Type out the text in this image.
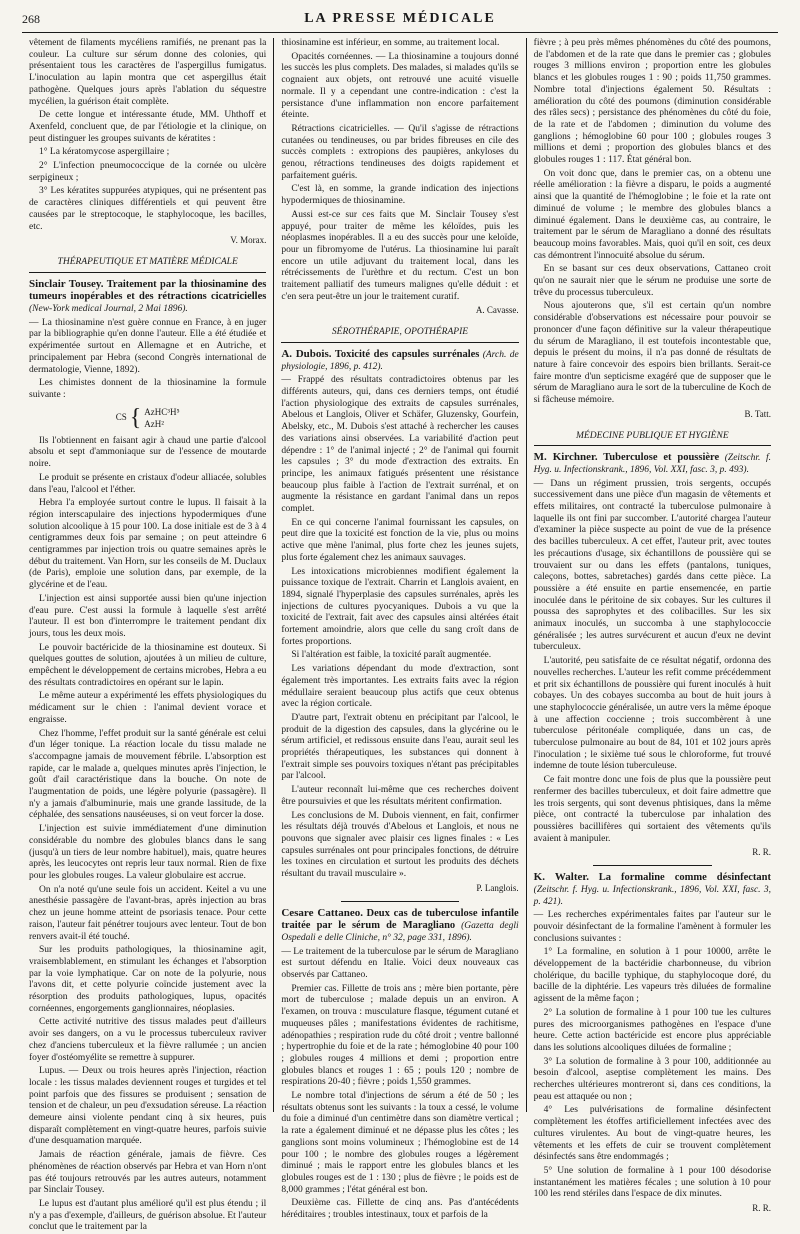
268	LA PRESSE MÉDICALE

vêtement de filaments mycéliens ramifiés, ne prenant pas la couleur. La culture sur sérum donne des colonies, qui présentaient tous les caractères de l'aspergillus fumigatus. L'inoculation au lapin montra que cet aspergillus était pathogène. Quelques jours après l'ablation du séquestre mycélien, la guérison était complète.

De cette longue et intéressante étude, MM. Uhthoff et Axenfeld, concluent que, de par l'étiologie et la clinique, on peut distinguer les groupes suivants de kératites :

1° La kératomycose aspergillaire ;

2° L'infection pneumococcique de la cornée ou ulcère serpigineux ;

3° Les kératites suppurées atypiques, qui ne présentent pas de caractères cliniques différentiels et qui peuvent être causées par le streptocoque, le staphylocoque, les bacilles, etc.

V. Morax.

THÉRAPEUTIQUE ET MATIÈRE MÉDICALE

Sinclair Tousey. Traitement par la thiosinamine des tumeurs inopérables et des rétractions cicatricielles (New-York medical Journal, 2 Mai 1896).

— La thiosinamine n'est guère connue en France, à en juger par la bibliographie qu'en donne l'auteur. Elle a été étudiée et expérimentée surtout en Allemagne et en Autriche, et principalement par Hebra (second Congrès international de dermatologie, Vienne, 1892).

Les chimistes donnent de la thiosinamine la formule suivante :

CS { AzHC³H⁵
AzH²

Ils l'obtiennent en faisant agir à chaud une partie d'alcool absolu et sept d'ammoniaque sur de l'essence de moutarde noire.

Le produit se présente en cristaux d'odeur alliacée, solubles dans l'eau, l'alcool et l'éther.

Hebra l'a employée surtout contre le lupus. Il faisait à la région interscapulaire des injections hypodermiques d'une solution alcoolique à 15 pour 100. La dose initiale est de 3 à 4 centigrammes deux fois par semaine ; on peut atteindre 6 centigrammes par injection trois ou quatre semaines après le début du traitement. Van Horn, sur les conseils de M. Duclaux (de Paris), emploie une solution dans, par exemple, de la glycérine et de l'eau.

L'injection est ainsi supportée aussi bien qu'une injection d'eau pure. C'est aussi la formule à laquelle s'est arrêté l'auteur. Il est bon d'interrompre le traitement pendant dix jours, tous les deux mois.

Le pouvoir bactéricide de la thiosinamine est douteux. Si quelques gouttes de solution, ajoutées à un milieu de culture, empêchent le développement de certains microbes, Hebra a eu des résultats contradictoires en opérant sur le lapin.

Le même auteur a expérimenté les effets physiologiques du médicament sur le chien : l'animal devient vorace et engraisse.

Chez l'homme, l'effet produit sur la santé générale est celui d'un léger tonique. La réaction locale du tissu malade ne s'accompagne jamais de mouvement fébrile. L'absorption est rapide, car le malade a, quelques minutes après l'injection, le goût d'ail caractéristique dans la bouche. On note de l'augmentation de poids, une légère polyurie (passagère). Il n'y a jamais d'albuminurie, mais une grande lassitude, de la céphalée, des sensations nauséeuses, si on veut forcer la dose.

L'injection est suivie immédiatement d'une diminution considérable du nombre des globules blancs dans le sang (jusqu'à un tiers de leur nombre habituel), mais, quatre heures après, les leucocytes ont repris leur taux normal. Rien de fixe pour les globules rouges. La valeur globulaire est accrue.

On n'a noté qu'une seule fois un accident. Keitel a vu une anesthésie passagère de l'avant-bras, après injection au bras chez un jeune homme atteint de psoriasis tenace. Pour cette raison, l'auteur fait pénétrer toujours avec lenteur. Tout de bon renvers avait-il été touché.

Sur les produits pathologiques, la thiosinamine agit, vraisemblablement, en stimulant les échanges et l'absorption par la voie lymphatique. Car on note de la polyurie, nous l'avons dit, et cette polyurie coïncide justement avec la résorption des produits pathologiques, lupus, opacités cornéennes, engorgements ganglionnaires, néoplasies.

Cette activité nutritive des tissus malades peut d'ailleurs avoir ses dangers, on a vu le processus tuberculeux raviver chez d'anciens tuberculeux et la fièvre rallumée ; un ancien foyer d'ostéomyélite se remettre à suppurer.

Lupus. — Deux ou trois heures après l'injection, réaction locale : les tissus malades deviennent rouges et turgides et tel point parfois que des fissures se produisent ; sensation de tension et de chaleur, un peu d'exsudation séreuse. La réaction demeure ainsi violente pendant cinq à six heures, puis disparaît complètement en vingt-quatre heures, parfois suivie d'une desquamation marquée.

Jamais de réaction générale, jamais de fièvre. Ces phénomènes de réaction observés par Hebra et van Horn n'ont pas été toujours retrouvés par les autres auteurs, notamment par Sinclair Tousey.

Le lupus est d'autant plus amélioré qu'il est plus étendu ; il n'y a pas d'exemple, d'ailleurs, de guérison absolue. Et l'auteur conclut que le traitement par la

thiosinamine est inférieur, en somme, au traitement local.

Opacités cornéennes. — La thiosinamine a toujours donné les succès les plus complets. Des malades, si malades qu'ils se cognaient aux objets, ont retrouvé une acuité visuelle normale. Il y a cependant une contre-indication : c'est la persistance d'une inflammation non encore parfaitement éteinte.

Rétractions cicatricielles. — Qu'il s'agisse de rétractions cutanées ou tendineuses, ou par brides fibreuses en cile des succès complets : extropions des paupières, ankyloses du genou, rétractions tendineuses des doigts rapidement et parfaitement guéris.

C'est là, en somme, la grande indication des injections hypodermiques de thiosinamine.

Aussi est-ce sur ces faits que M. Sinclair Tousey s'est appuyé, pour traiter de même les kéloïdes, puis les néoplasmes inopérables. Il a eu des succès pour une keloïde, pour un fibromyome de l'utérus. La thiosinamine lui paraît encore un utile adjuvant du traitement local, dans les rétrécissements de l'urèthre et du rectum. C'est un bon traitement palliatif des tumeurs malignes qu'elle déduit : et c'en sera peut-être un jour le traitement curatif.

A. Cavasse.

SÉROTHÉRAPIE, OPOTHÉRAPIE

A. Dubois. Toxicité des capsules surrénales (Arch. de physiologie, 1896, p. 412).

— Frappé des résultats contradictoires obtenus par les différents auteurs, qui, dans ces derniers temps, ont étudié l'action physiologique des extraits de capsules surrénales, Abelous et Langlois, Oliver et Schäfer, Gluzensky, Gourfein, Abelsky, etc., M. Dubois s'est attaché à rechercher les causes des variations ainsi observées. La variabilité d'action peut dépendre : 1° de l'animal injecté ; 2° de l'animal qui fournit les capsules ; 3° du mode d'extraction des extraits. En principe, les animaux fatigués présentent une résistance beaucoup plus faible à l'action de l'extrait surrénal, et on augmente la résistance en gardant l'animal dans un repos complet.

En ce qui concerne l'animal fournissant les capsules, on peut dire que la toxicité est fonction de la vie, plus ou moins active que mène l'animal, plus forte chez les jeunes sujets, plus forte également chez les animaux sauvages.

Les intoxications microbiennes modifient également la puissance toxique de l'extrait. Charrin et Langlois avaient, en 1894, signalé l'hyperplasie des capsules surrénales, après les injections de cultures pyocyaniques. Dubois a vu que la toxicité de l'extrait, fait avec des capsules ainsi altérées était fortement amoindrie, alors que celle du sang croît dans de fortes proportions.

Si l'altération est faible, la toxicité paraît augmentée.

Les variations dépendant du mode d'extraction, sont également très importantes. Les extraits faits avec la région médullaire seraient beaucoup plus actifs que ceux obtenus avec la région corticale.

D'autre part, l'extrait obtenu en précipitant par l'alcool, le produit de la digestion des capsules, dans la glycérine ou le sérum artificiel, et redissous ensuite dans l'eau, aurait seul les propriétés thérapeutiques, les substances qui donnent à l'extrait simple ses pouvoirs toxiques n'étant pas précipitables par l'alcool.

L'auteur reconnaît lui-même que ces recherches doivent être poursuivies et que les résultats méritent confirmation.

Les conclusions de M. Dubois viennent, en fait, confirmer les résultats déjà trouvés d'Abelous et Langlois, et nous ne pouvons que signaler avec plaisir ces lignes finales : « Les capsules surrénales ont pour principales fonctions, de détruire les toxines en circulation et surtout les produits des déchets résultant du travail musculaire ».

P. Langlois.

Cesare Cattaneo. Deux cas de tuberculose infantile traitée par le sérum de Maragliano (Gazetta degli Ospedali e delle Cliniche, n° 32, page 331, 1896).

— Le traitement de la tuberculose par le sérum de Maragliano est surtout défendu en Italie. Voici deux nouveaux cas observés par Cattaneo.

Premier cas. Fillette de trois ans ; mère bien portante, père mort de tuberculose ; malade depuis un an environ. A l'examen, on trouva : musculature flasque, tégument cutané et muqueuses pâles ; manifestations évidentes de rachitisme, adénopathies ; respiration rude du côté droit ; ventre ballonné ; hypertrophie du foie et de la rate ; hémoglobine 40 pour 100 ; globules rouges 4 millions et demi ; proportion entre globules blancs et rouges 1 : 65 ; pouls 120 ; nombre de respirations 20-40 ; fièvre ; poids 1,550 grammes.

Le nombre total d'injections de sérum a été de 50 ; les résultats obtenus sont les suivants : la toux a cessé, le volume du foie a diminué d'un centimètre dans son diamètre vertical ; la rate a également diminué et ne dépasse plus les côtes ; les ganglions sont moins volumineux ; l'hémoglobine est de 14 pour 100 ; le nombre des globules rouges a légèrement diminué ; mais le rapport entre les globules blancs et les globules rouges est de 1 : 130 ; plus de fièvre ; le poids est de 8,000 grammes ; l'état général est bon.

Deuxième cas. Fillette de cinq ans. Pas d'antécédents héréditaires ; troubles intestinaux, toux et parfois de la

fièvre ; à peu près mêmes phénomènes du côté des poumons, de l'abdomen et de la rate que dans le premier cas ; globules rouges 3 millions environ ; proportion entre les globules blancs et les globules rouges 1 : 90 ; poids 11,750 grammes. Nombre total d'injections également 50. Résultats : amélioration du côté des poumons (diminution considérable des râles secs) ; persistance des phénomènes du côté du foie, de la rate et de l'abdomen ; diminution du volume des ganglions ; hémoglobine 60 pour 100 ; globules rouges 3 millions et demi ; proportion des globules blancs et des globules rouges 1 : 117. État général bon.

On voit donc que, dans le premier cas, on a obtenu une réelle amélioration : la fièvre a disparu, le poids a augmenté ainsi que la quantité de l'hémoglobine ; le foie et la rate ont diminué de volume ; le membre des globules blancs a diminué également. Dans le deuxième cas, au contraire, le traitement par le sérum de Maragliano a donné des résultats beaucoup moins favorables. Mais, quoi qu'il en soit, ces deux cas démontrent l'innocuité absolue du sérum.

En se basant sur ces deux observations, Cattaneo croit qu'on ne saurait nier que le sérum ne produise une sorte de trêve du processus tuberculeux.

Nous ajouterons que, s'il est certain qu'un nombre considérable d'observations est nécessaire pour pouvoir se prononcer d'une façon définitive sur la valeur thérapeutique du sérum de Maragliano, il est toutefois incontestable que, depuis le présent du moins, il n'a pas donné de résultats de nature à faire concevoir des espoirs bien brillants. Serait-ce faire montre d'un septicisme exagéré que de supposer que le sérum de Maragliano aura le sort de la tuberculine de Koch de si fâcheuse mémoire.

B. Tatt.

MÉDECINE PUBLIQUE ET HYGIÈNE

M. Kirchner. Tuberculose et poussière (Zeitschr. f. Hyg. u. Infectionskrank., 1896, Vol. XXI, fasc. 3, p. 493).

— Dans un régiment prussien, trois sergents, occupés successivement dans une pièce d'un magasin de vêtements et effets militaires, ont contracté la tuberculose pulmonaire à laquelle ils ont fini par succomber. L'autorité chargea l'auteur d'examiner la pièce suspecte au point de vue de la présence des bacilles tuberculeux. A cet effet, l'auteur prit, avec toutes les précautions d'usage, six échantillons de poussière qui se trouvaient sur ou dans les effets (pantalons, tuniques, caleçons, bottes, sabretaches) gardés dans cette pièce. La poussière a été ensuite en partie ensemencée, en partie inoculée dans le péritoine de six cobayes. Sur les cultures il poussa des saprophytes et des colibacilles. Sur les six animaux inoculés, un succomba à une staphylococcie généralisée ; les autres survécurent et aucun d'eux ne devint tuberculeux.

L'autorité, peu satisfaite de ce résultat négatif, ordonna des nouvelles recherches. L'auteur les refit comme précédemment et prit six échantillons de poussière qui furent inoculés à huit cobayes. Un des cobayes succomba au bout de huit jours à une staphylococcie généralisée, un autre vers la même époque à une affection coccienne ; trois succombèrent à une tuberculose péritonéale compliquée, dans un cas, de tuberculose pulmonaire au bout de 84, 101 et 102 jours après l'inoculation ; le sixième tué sous le chloroforme, fut trouvé indemne de toute lésion tuberculeuse.

Ce fait montre donc une fois de plus que la poussière peut renfermer des bacilles tuberculeux, et doit faire admettre que les trois sergents, qui sont devenus phtisiques, dans la même pièce, ont contracté la tuberculose par inhalation des poussières bacillifères qui sortaient des vêtements qu'ils avaient à manipuler.

R. R.

K. Walter. La formaline comme désinfectant (Zeitschr. f. Hyg. u. Infectionskrank., 1896, Vol. XXI, fasc. 3, p. 421).

— Les recherches expérimentales faites par l'auteur sur le pouvoir désinfectant de la formaline l'amènent à formuler les conclusions suivantes :

1° La formaline, en solution à 1 pour 10000, arrête le développement de la bactéridie charbonneuse, du vibrion cholérique, du bacille typhique, du staphylocoque doré, du bacille de la diphtérie. Les vapeurs très diluées de formaline agissent de la même façon ;

2° La solution de formaline à 1 pour 100 tue les cultures pures des microorganismes pathogènes en l'espace d'une heure. Cette action bactéricide est encore plus appréciable dans les solutions alcooliques diluées de formaline ;

3° La solution de formaline à 3 pour 100, additionnée au besoin d'alcool, aseptise complètement les mains. Des recherches ultérieures montreront si, dans ces conditions, la peau est attaquée ou non ;

4° Les pulvérisations de formaline désinfectent complètement les étoffes artificiellement infectées avec des cultures virulentes. Au bout de vingt-quatre heures, les vêtements et les effets de cuir se trouvent complètement désinfectés sans être endommagés ;

5° Une solution de formaline à 1 pour 100 désodorise instantanément les matières fécales ; une solution à 10 pour 100 les rend stériles dans l'espace de dix minutes.

R. R.
